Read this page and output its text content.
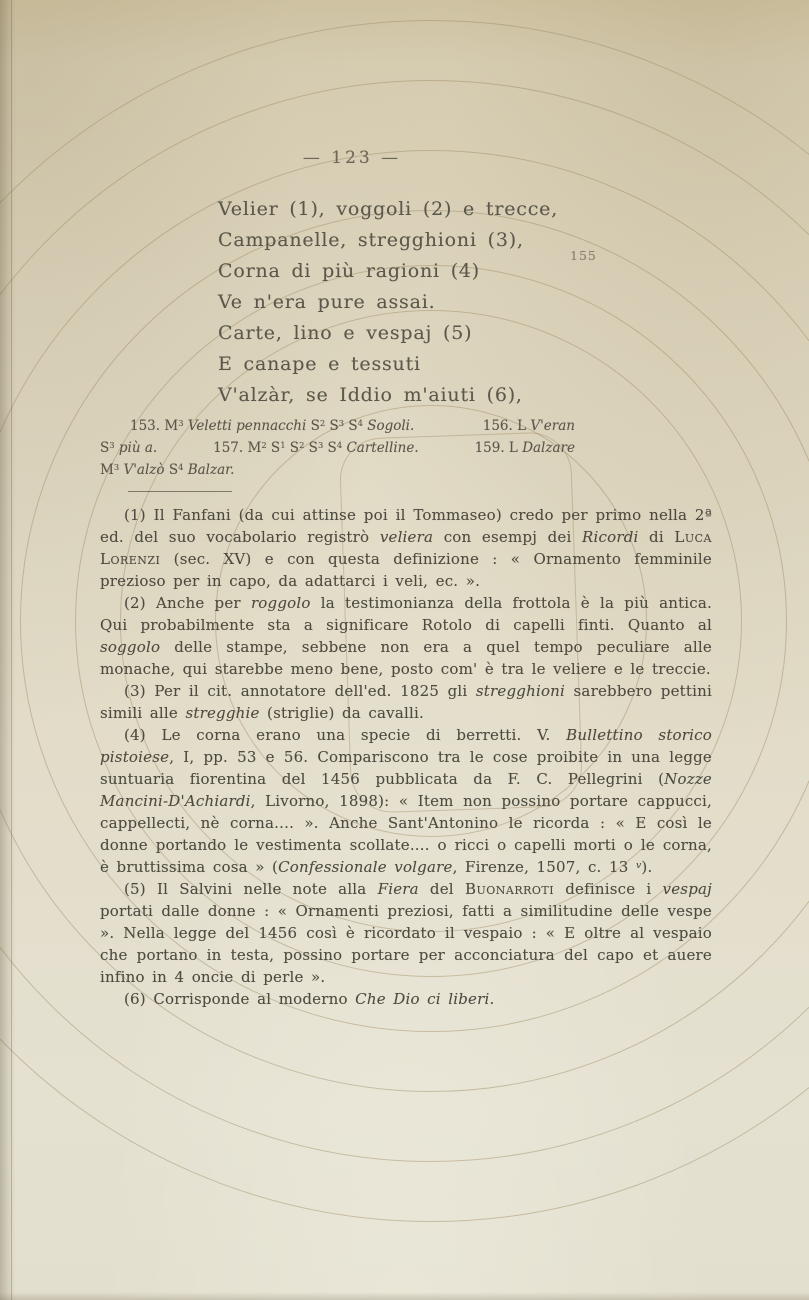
— 123 —
155
Velier (1), voggoli (2) e trecce,
Campanelle, stregghioni (3),
Corna di più ragioni (4)
Ve n'era pure assai.
Carte, lino e vespaj (5)
E canape e tessuti
V'alzàr, se Iddio m'aiuti (6),
153. $M^3$ Veletti pennacchi $S^2$ $S^3$ $S^4$ Sogoli.	156. L V'eran
$S^3$ più a.	157. $M^2$ $S^1$ $S^2$ $S^3$ $S^4$ Cartelline.	159. L Dalzare
$M^3$ V'alzò $S^4$ Balzar.

(1) Il Fanfani (da cui attinse poi il Tommaseo) credo per primo nella 2ª ed. del suo vocabolario registrò veliera con esempj dei Ricordi di Luca Lorenzi (sec. XV) e con questa definizione : « Ornamento femminile prezioso per in capo, da adattarci i veli, ec. ».

(2) Anche per roggolo la testimonianza della frottola è la più antica. Qui probabilmente sta a significare Rotolo di capelli finti. Quanto al soggolo delle stampe, sebbene non era a quel tempo peculiare alle monache, qui starebbe meno bene, posto com' è tra le veliere e le treccie.

(3) Per il cit. annotatore dell'ed. 1825 gli stregghioni sarebbero pettini simili alle stregghie (striglie) da cavalli.

(4) Le corna erano una specie di berretti. V. Bullettino storico pistoiese, I, pp. 53 e 56. Compariscono tra le cose proibite in una legge suntuaria fiorentina del 1456 pubblicata da F. C. Pellegrini (Nozze Mancini-D'Achiardi, Livorno, 1898): « Item non possino portare cappucci, cappellecti, nè corna.... ». Anche Sant'Antonino le ricorda : « E così le donne portando le vestimenta scollate.... o ricci o capelli morti o le corna, è bruttissima cosa » (Confessionale volgare, Firenze, 1507, c. 13 $^v$).

(5) Il Salvini nelle note alla Fiera del Buonarroti definisce i vespaj portati dalle donne : « Ornamenti preziosi, fatti a similitudine delle vespe ». Nella legge del 1456 così è ricordato il vespaio : « E oltre al vespaio che portano in testa, possino portare per acconciatura del capo et auere infino in 4 oncie di perle ».

(6) Corrisponde al moderno Che Dio ci liberi.
